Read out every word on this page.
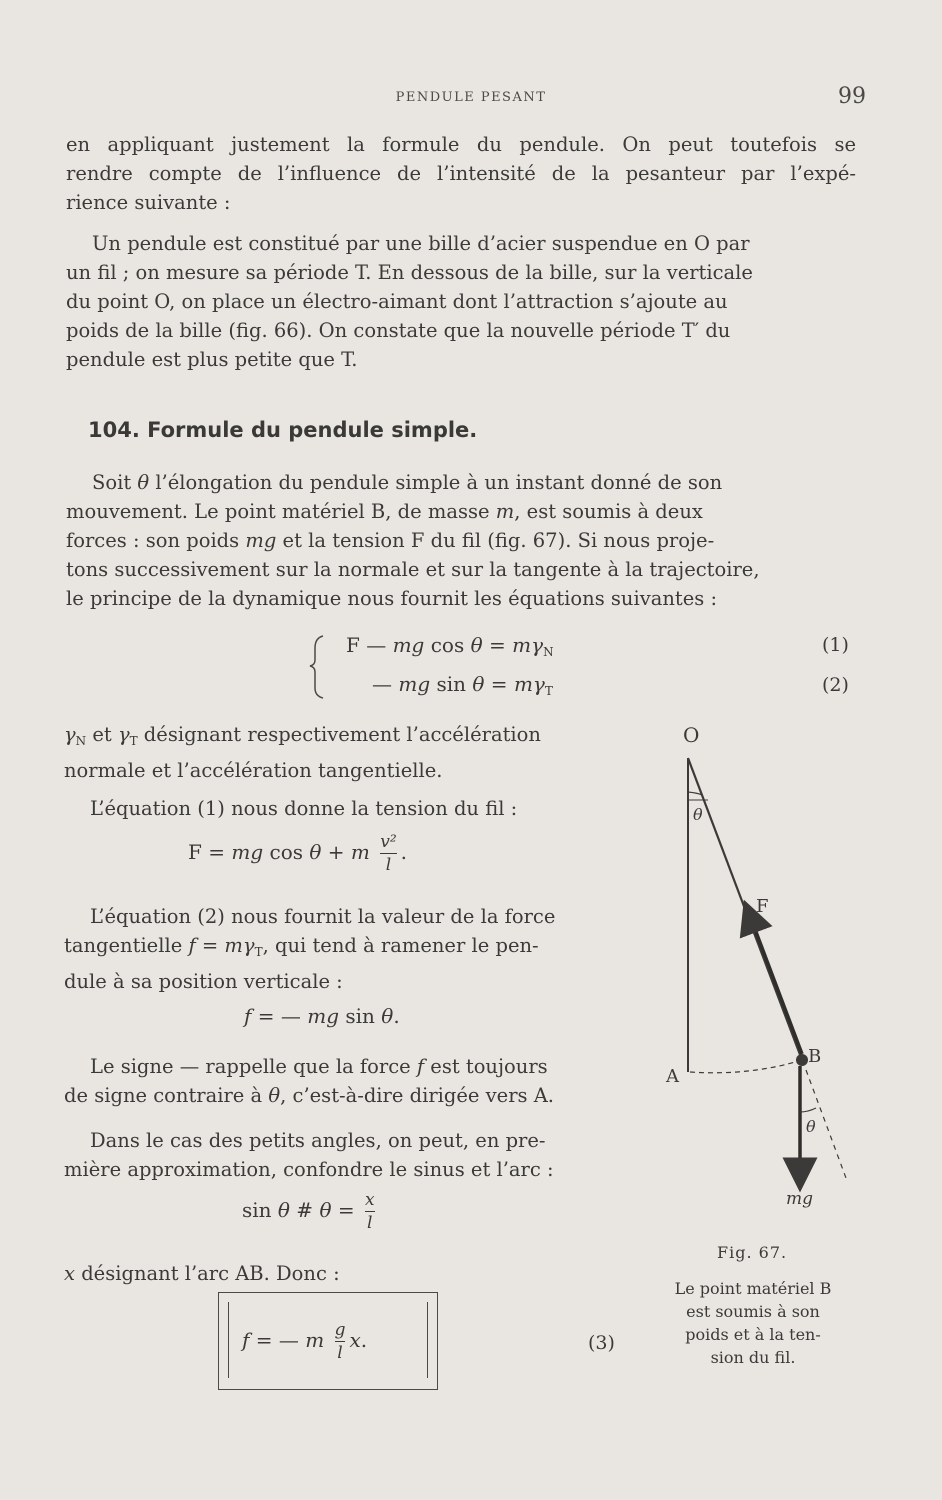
PENDULE PESANT	99
en appliquant justement la formule du pendule. On peut toutefois se
rendre compte de l’influence de l’intensité de la pesanteur par l’expé-
rience suivante :
Un pendule est constitué par une bille d’acier suspendue en O par
un fil ; on mesure sa période T. En dessous de la bille, sur la verticale
du point O, on place un électro-aimant dont l’attraction s’ajoute au
poids de la bille (fig. 66). On constate que la nouvelle période T′ du
pendule est plus petite que T.
104. Formule du pendule simple.
Soit θ l’élongation du pendule simple à un instant donné de son
mouvement. Le point matériel B, de masse m, est soumis à deux
forces : son poids mg et la tension F du fil (fig. 67). Si nous proje-
tons successivement sur la normale et sur la tangente à la trajectoire,
le principe de la dynamique nous fournit les équations suivantes :
F — mg $\cos \theta = m\gamma_N$	(1)
— mg $\sin \theta = m\gamma_T$	(2)
$\gamma_N$ et $\gamma_T$ désignant respectivement l’accélération
normale et l’accélération tangentielle.
L’équation (1) nous donne la tension du fil :
F = mg cos θ + m $\frac{\text{v²}}{l}$ .
L’équation (2) nous fournit la valeur de la force
tangentielle $f = m\gamma_T$, qui tend à ramener le pen-
dule à sa position verticale :
f = — mg sin θ.
Le signe — rappelle que la force f est toujours
de signe contraire à θ, c’est-à-dire dirigée vers A.
Dans le cas des petits angles, on peut, en pre-
mière approximation, confondre le sinus et l’arc :
sin θ # $\theta = \frac{x}{l}$
x désignant l’arc AB. Donc :
f = — m $\frac{g}{l} x$.	(3)
O
θ
F
A
B
θ
mg
Fig. 67.
Le point matériel B
est soumis à son
poids et à la ten-
sion du fil.
